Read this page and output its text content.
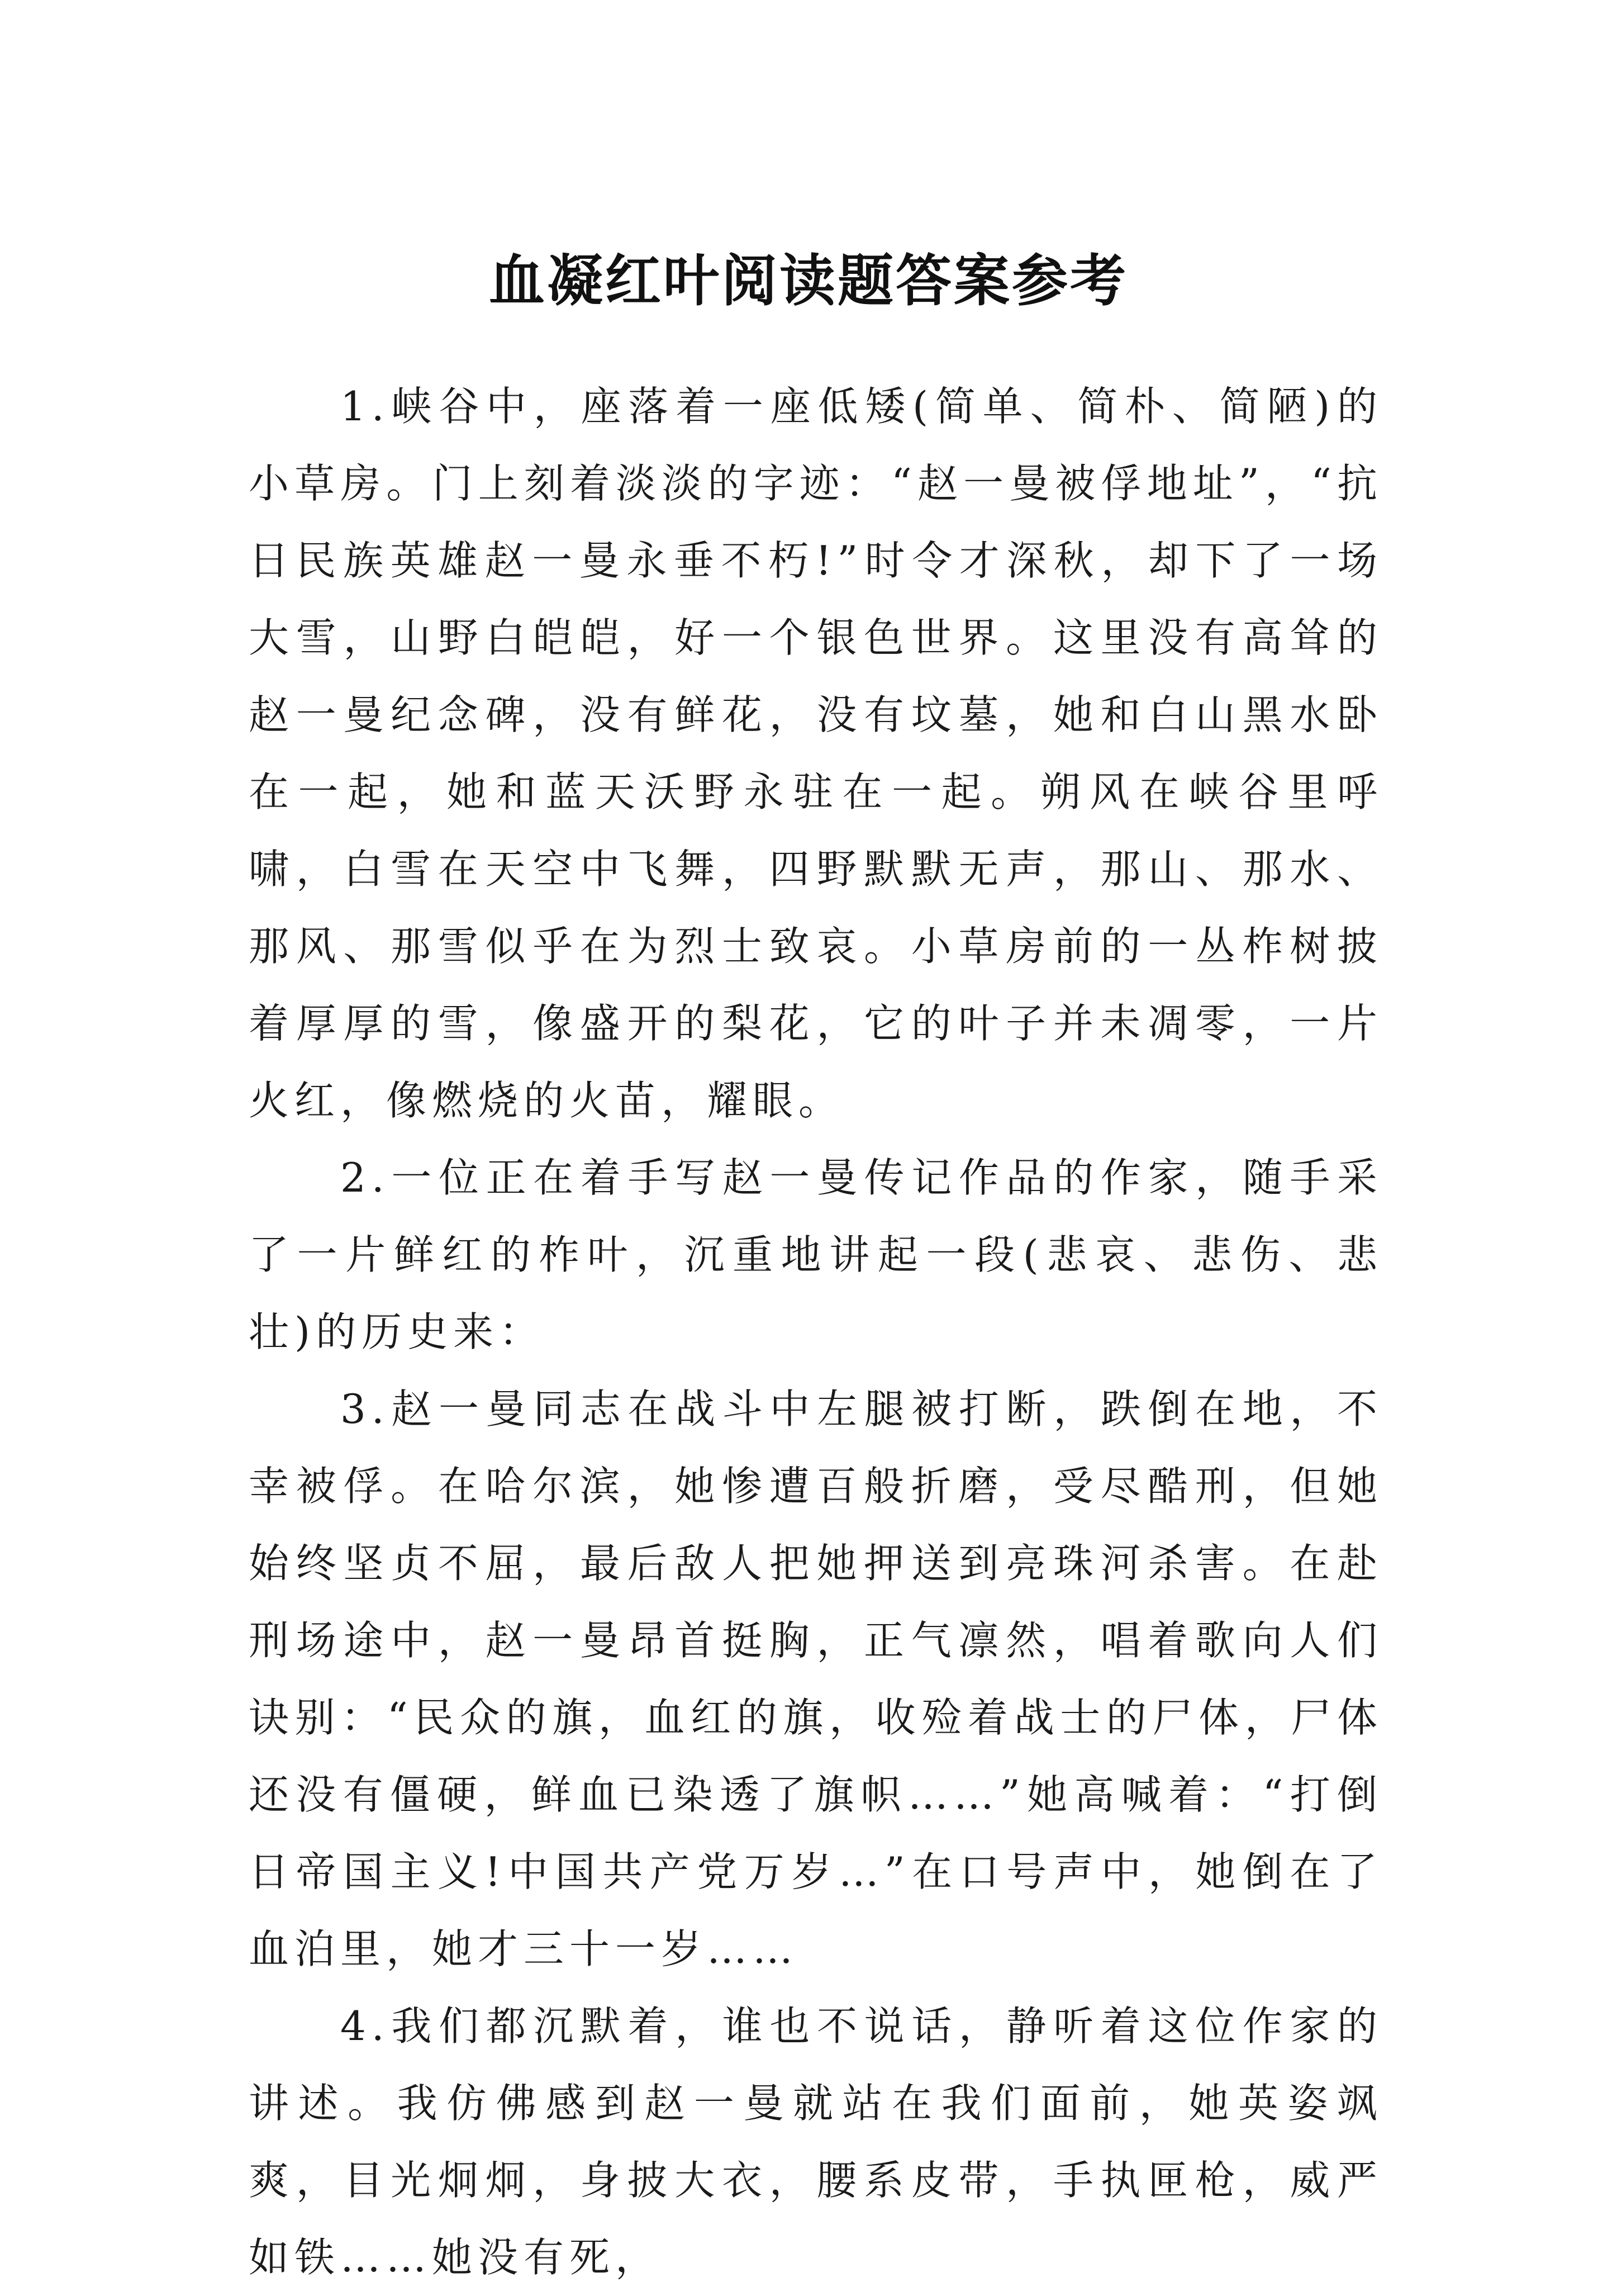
血凝红叶阅读题答案参考

1.峡谷中，座落着一座低矮(简单、简朴、简陋)的小草房。门上刻着淡淡的字迹：“赵一曼被俘地址”，“抗日民族英雄赵一曼永垂不朽!”时令才深秋，却下了一场大雪，山野白皑皑，好一个银色世界。这里没有高耸的赵一曼纪念碑，没有鲜花，没有坟墓，她和白山黑水卧在一起，她和蓝天沃野永驻在一起。朔风在峡谷里呼啸，白雪在天空中飞舞，四野默默无声，那山、那水、那风、那雪似乎在为烈士致哀。小草房前的一丛柞树披着厚厚的雪，像盛开的梨花，它的叶子并未凋零，一片火红，像燃烧的火苗，耀眼。

2.一位正在着手写赵一曼传记作品的作家，随手采了一片鲜红的柞叶，沉重地讲起一段(悲哀、悲伤、悲壮)的历史来：

3.赵一曼同志在战斗中左腿被打断，跌倒在地，不幸被俘。在哈尔滨，她惨遭百般折磨，受尽酷刑，但她始终坚贞不屈，最后敌人把她押送到亮珠河杀害。在赴刑场途中，赵一曼昂首挺胸，正气凛然，唱着歌向人们诀别：“民众的旗，血红的旗，收殓着战士的尸体，尸体还没有僵硬，鲜血已染透了旗帜……”她高喊着：“打倒日帝国主义!中国共产党万岁…”在口号声中，她倒在了血泊里，她才三十一岁……

4.我们都沉默着，谁也不说话，静听着这位作家的讲述。我仿佛感到赵一曼就站在我们面前，她英姿飒爽，目光炯炯，身披大衣，腰系皮带，手执匣枪，威严如铁……她没有死，
